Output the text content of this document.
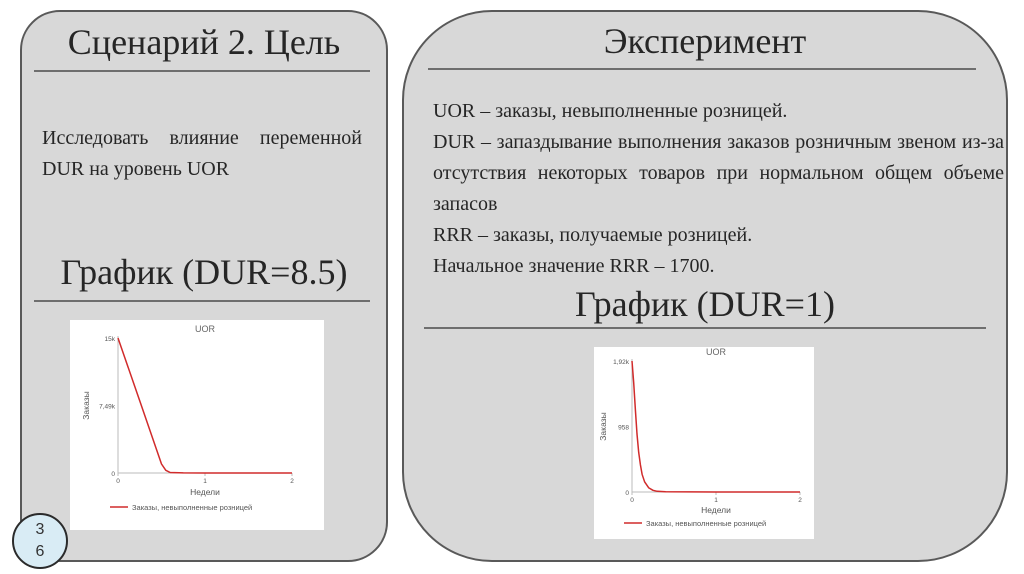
Сценарий 2. Цель

Исследовать влияние переменной DUR на уровень UOR

График (DUR=8.5)
UOR
0
7,49k
15k
0	1	2
Недели
Заказы
Заказы, невыполненные розницей
Эксперимент

UOR – заказы, невыполненные розницей.

DUR – запаздывание выполнения заказов розничным звеном из-за отсутствия некоторых товаров при нормальном общем объеме запасов

RRR – заказы, получаемые розницей.

Начальное значение RRR – 1700.

График (DUR=1)
UOR
0
958
1,92k
0	1	2
Недели
Заказы
Заказы, невыполненные розницей
3
6
